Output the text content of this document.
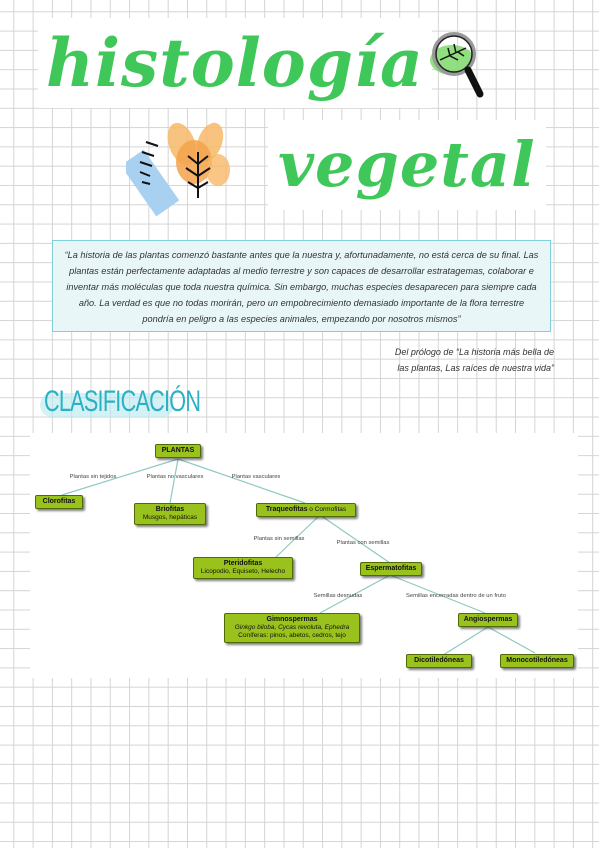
histología
vegetal
“La historia de las plantas comenzó bastante antes que la nuestra y, afortunadamente, no está cerca de su final. Las plantas están perfectamente adaptadas al medio terrestre y son capaces de desarrollar estratagemas, colaborar e inventar más moléculas que toda nuestra química. Sin embargo, muchas especies desaparecen para siempre cada año. La verdad es que no todas morirán, pero un empobrecimiento demasiado importante de la flora terrestre pondría en peligro a las especies animales, empezando por nosotros mismos”
Del prólogo de “La historia más bella de
las plantas, Las raíces de nuestra vida”
CLASIFICACIÓN
Plantas sin tejidos	Plantas no vasculares	Plantas vasculares
Plantas sin semillas
Plantas con semillas
Semillas desnudas	Semillas encerradas dentro de un fruto
PLANTAS
Clorofitas
Briofitas
Musgos, hepáticas
Traqueofitas o Cormofitas
Pteridofitas
Licopodio, Equiseto, Helecho	Espermatofitas
Gimnospermas
Ginkgo biloba, Cycas revoluta, Ephedra
Coníferas: pinos, abetos, cedros, tejo
Angiospermas
Dicotiledóneas	Monocotiledóneas
